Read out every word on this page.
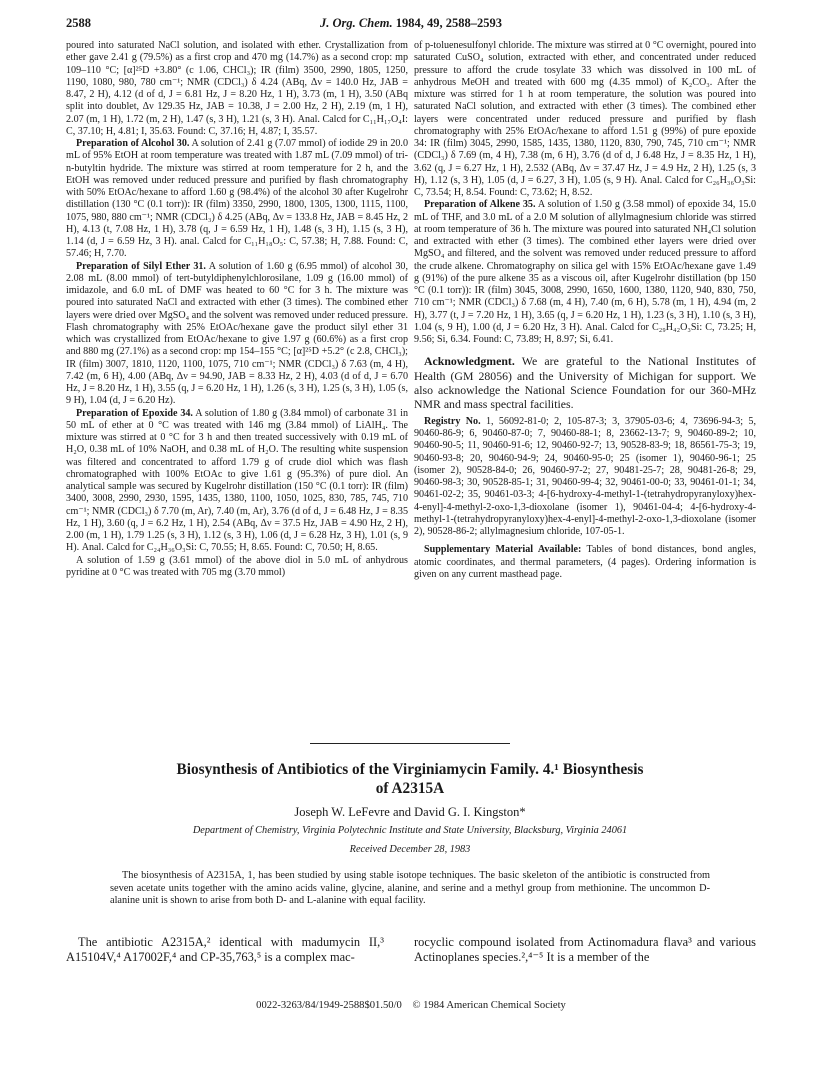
2588	J. Org. Chem. 1984, 49, 2588–2593

poured into saturated NaCl solution, and isolated with ether. Crystallization from ether gave 2.41 g (79.5%) as a first crop and 470 mg (14.7%) as a second crop: mp 109–110 °C; [α]²⁵D +3.80° (c 1.06, CHCl₃); IR (film) 3500, 2990, 1805, 1250, 1190, 1080, 980, 780 cm⁻¹; NMR (CDCl₃) δ 4.24 (ABq, Δν = 140.0 Hz, JAB = 8.47, 2 H), 4.12 (d of d, J = 6.81 Hz, J = 8.20 Hz, 1 H), 3.73 (m, 1 H), 3.50 (ABq split into doublet, Δν 129.35 Hz, JAB = 10.38, J = 2.00 Hz, 2 H), 2.19 (m, 1 H), 2.07 (m, 1 H), 1.72 (m, 2 H), 1.47 (s, 3 H), 1.21 (s, 3 H). Anal. Calcd for C₁₁H₁₇O₄I: C, 37.10; H, 4.81; I, 35.63. Found: C, 37.16; H, 4.87; I, 35.57.

Preparation of Alcohol 30. A solution of 2.41 g (7.07 mmol) of iodide 29 in 20.0 mL of 95% EtOH at room temperature was treated with 1.87 mL (7.09 mmol) of tri-n-butyltin hydride. The mixture was stirred at room temperature for 2 h, and the EtOH was removed under reduced pressure and purified by flash chromatography with 50% EtOAc/hexane to afford 1.60 g (98.4%) of the alcohol 30 after Kugelrohr distillation (130 °C (0.1 torr)): IR (film) 3350, 2990, 1800, 1305, 1300, 1115, 1100, 1075, 980, 880 cm⁻¹; NMR (CDCl₃) δ 4.25 (ABq, Δν = 133.8 Hz, JAB = 8.45 Hz, 2 H), 4.13 (t, 7.08 Hz, 1 H), 3.78 (q, J = 6.59 Hz, 1 H), 1.48 (s, 3 H), 1.15 (s, 3 H), 1.14 (d, J = 6.59 Hz, 3 H). anal. Calcd for C₁₁H₁₈O₅: C, 57.38; H, 7.88. Found: C, 57.46; H, 7.70.

Preparation of Silyl Ether 31. A solution of 1.60 g (6.95 mmol) of alcohol 30, 2.08 mL (8.00 mmol) of tert-butyldiphenylchlorosilane, 1.09 g (16.00 mmol) of imidazole, and 6.0 mL of DMF was heated to 60 °C for 3 h. The mixture was poured into saturated NaCl and extracted with ether (3 times). The combined ether layers were dried over MgSO₄ and the solvent was removed under reduced pressure. Flash chromatography with 25% EtOAc/hexane gave the product silyl ether 31 which was crystallized from EtOAc/hexane to give 1.97 g (60.6%) as a first crop and 880 mg (27.1%) as a second crop: mp 154–155 °C; [α]²⁵D +5.2° (c 2.8, CHCl₃); IR (film) 3007, 1810, 1120, 1100, 1075, 710 cm⁻¹; NMR (CDCl₃) δ 7.63 (m, 4 H), 7.42 (m, 6 H), 4.00 (ABq, Δν = 94.90, JAB = 8.33 Hz, 2 H), 4.03 (d of d, J = 6.70 Hz, J = 8.20 Hz, 1 H), 3.55 (q, J = 6.20 Hz, 1 H), 1.26 (s, 3 H), 1.25 (s, 3 H), 1.05 (s, 9 H), 1.04 (d, J = 6.20 Hz).

Preparation of Epoxide 34. A solution of 1.80 g (3.84 mmol) of carbonate 31 in 50 mL of ether at 0 °C was treated with 146 mg (3.84 mmol) of LiAlH₄. The mixture was stirred at 0 °C for 3 h and then treated successively with 0.19 mL of H₂O, 0.38 mL of 10% NaOH, and 0.38 mL of H₂O. The resulting white suspension was filtered and concentrated to afford 1.79 g of crude diol which was flash chromatographed with 100% EtOAc to give 1.61 g (95.3%) of pure diol. An analytical sample was secured by Kugelrohr distillation (150 °C (0.1 torr): IR (film) 3400, 3008, 2990, 2930, 1595, 1435, 1380, 1100, 1050, 1025, 830, 785, 745, 710 cm⁻¹; NMR (CDCl₃) δ 7.70 (m, Ar), 7.40 (m, Ar), 3.76 (d of d, J = 6.48 Hz, J = 8.35 Hz, 1 H), 3.60 (q, J = 6.2 Hz, 1 H), 2.54 (ABq, Δν = 37.5 Hz, JAB = 4.90 Hz, 2 H), 2.00 (m, 1 H), 1.79 1.25 (s, 3 H), 1.12 (s, 3 H), 1.06 (d, J = 6.28 Hz, 3 H), 1.01 (s, 9 H). Anal. Calcd for C₂₄H₃₆O₃Si: C, 70.55; H, 8.65. Found: C, 70.50; H, 8.65.

A solution of 1.59 g (3.61 mmol) of the above diol in 5.0 mL of anhydrous pyridine at 0 °C was treated with 705 mg (3.70 mmol)

of p-toluenesulfonyl chloride. The mixture was stirred at 0 °C overnight, poured into saturated CuSO₄ solution, extracted with ether, and concentrated under reduced pressure to afford the crude tosylate 33 which was dissolved in 100 mL of anhydrous MeOH and treated with 600 mg (4.35 mmol) of K₂CO₃. After the mixture was stirred for 1 h at room temperature, the solution was poured into saturated NaCl solution, and extracted with ether (3 times). The combined ether layers were concentrated under reduced pressure and purified by flash chromatography with 25% EtOAc/hexane to afford 1.51 g (99%) of pure epoxide 34: IR (film) 3045, 2990, 1585, 1435, 1380, 1120, 830, 790, 745, 710 cm⁻¹; NMR (CDCl₃) δ 7.69 (m, 4 H), 7.38 (m, 6 H), 3.76 (d of d, J 6.48 Hz, J = 8.35 Hz, 1 H), 3.62 (q, J = 6.27 Hz, 1 H), 2.532 (ABq, Δν = 37.47 Hz, J = 4.9 Hz, 2 H), 1.25 (s, 3 H), 1.12 (s, 3 H), 1.05 (d, J = 6.27, 3 H), 1.05 (s, 9 H). Anal. Calcd for C₂₆H₃₆O₃Si: C, 73.54; H, 8.54. Found: C, 73.62; H, 8.52.

Preparation of Alkene 35. A solution of 1.50 g (3.58 mmol) of epoxide 34, 15.0 mL of THF, and 3.0 mL of a 2.0 M solution of allylmagnesium chloride was stirred at room temperature of 36 h. The mixture was poured into saturated NH₄Cl solution and extracted with ether (3 times). The combined ether layers were dried over MgSO₄ and filtered, and the solvent was removed under reduced pressure to afford the crude alkene. Chromatography on silica gel with 15% EtOAc/hexane gave 1.49 g (91%) of the pure alkene 35 as a viscous oil, after Kugelrohr distillation (bp 150 °C (0.1 torr)): IR (film) 3045, 3008, 2990, 1650, 1600, 1380, 1120, 940, 830, 750, 710 cm⁻¹; NMR (CDCl₃) δ 7.68 (m, 4 H), 7.40 (m, 6 H), 5.78 (m, 1 H), 4.94 (m, 2 H), 3.77 (t, J = 7.20 Hz, 1 H), 3.65 (q, J = 6.20 Hz, 1 H), 1.23 (s, 3 H), 1.10 (s, 3 H), 1.04 (s, 9 H), 1.00 (d, J = 6.20 Hz, 3 H). Anal. Calcd for C₂₉H₄₂O₃Si: C, 73.25; H, 9.56; Si, 6.34. Found: C, 73.89; H, 8.97; Si, 6.41.

Acknowledgment. We are grateful to the National Institutes of Health (GM 28056) and the University of Michigan for support. We also acknowledge the National Science Foundation for our 360-MHz NMR and mass spectral facilities.

Registry No. 1, 56092-81-0; 2, 105-87-3; 3, 37905-03-6; 4, 73696-94-3; 5, 90460-86-9; 6, 90460-87-0; 7, 90460-88-1; 8, 23662-13-7; 9, 90460-89-2; 10, 90460-90-5; 11, 90460-91-6; 12, 90460-92-7; 13, 90528-83-9; 18, 86561-75-3; 19, 90460-93-8; 20, 90460-94-9; 24, 90460-95-0; 25 (isomer 1), 90460-96-1; 25 (isomer 2), 90528-84-0; 26, 90460-97-2; 27, 90481-25-7; 28, 90481-26-8; 29, 90460-98-3; 30, 90528-85-1; 31, 90460-99-4; 32, 90461-00-0; 33, 90461-01-1; 34, 90461-02-2; 35, 90461-03-3; 4-[6-hydroxy-4-methyl-1-(tetrahydropyranyloxy)hex-4-enyl]-4-methyl-2-oxo-1,3-dioxolane (isomer 1), 90461-04-4; 4-[6-hydroxy-4-methyl-1-(tetrahydropyranyloxy)hex-4-enyl]-4-methyl-2-oxo-1,3-dioxolane (isomer 2), 90528-86-2; allylmagnesium chloride, 107-05-1.

Supplementary Material Available: Tables of bond distances, bond angles, atomic coordinates, and thermal parameters, (4 pages). Ordering information is given on any current masthead page.

Biosynthesis of Antibiotics of the Virginiamycin Family. 4.¹ Biosynthesis
of A2315A
Joseph W. LeFevre and David G. I. Kingston*
Department of Chemistry, Virginia Polytechnic Institute and State University, Blacksburg, Virginia 24061
Received December 28, 1983

The biosynthesis of A2315A, 1, has been studied by using stable isotope techniques. The basic skeleton of the antibiotic is constructed from seven acetate units together with the amino acids valine, glycine, alanine, and serine and a methyl group from methionine. The uncommon D-alanine unit is shown to arise from both D- and L-alanine with equal facility.

The antibiotic A2315A,² identical with madumycin II,³ A15104V,⁴ A17002F,⁴ and CP-35,763,⁵ is a complex mac-

rocyclic compound isolated from Actinomadura flava³ and various Actinoplanes species.²,⁴⁻⁵ It is a member of the

0022-3263/84/1949-2588$01.50/0 © 1984 American Chemical Society
